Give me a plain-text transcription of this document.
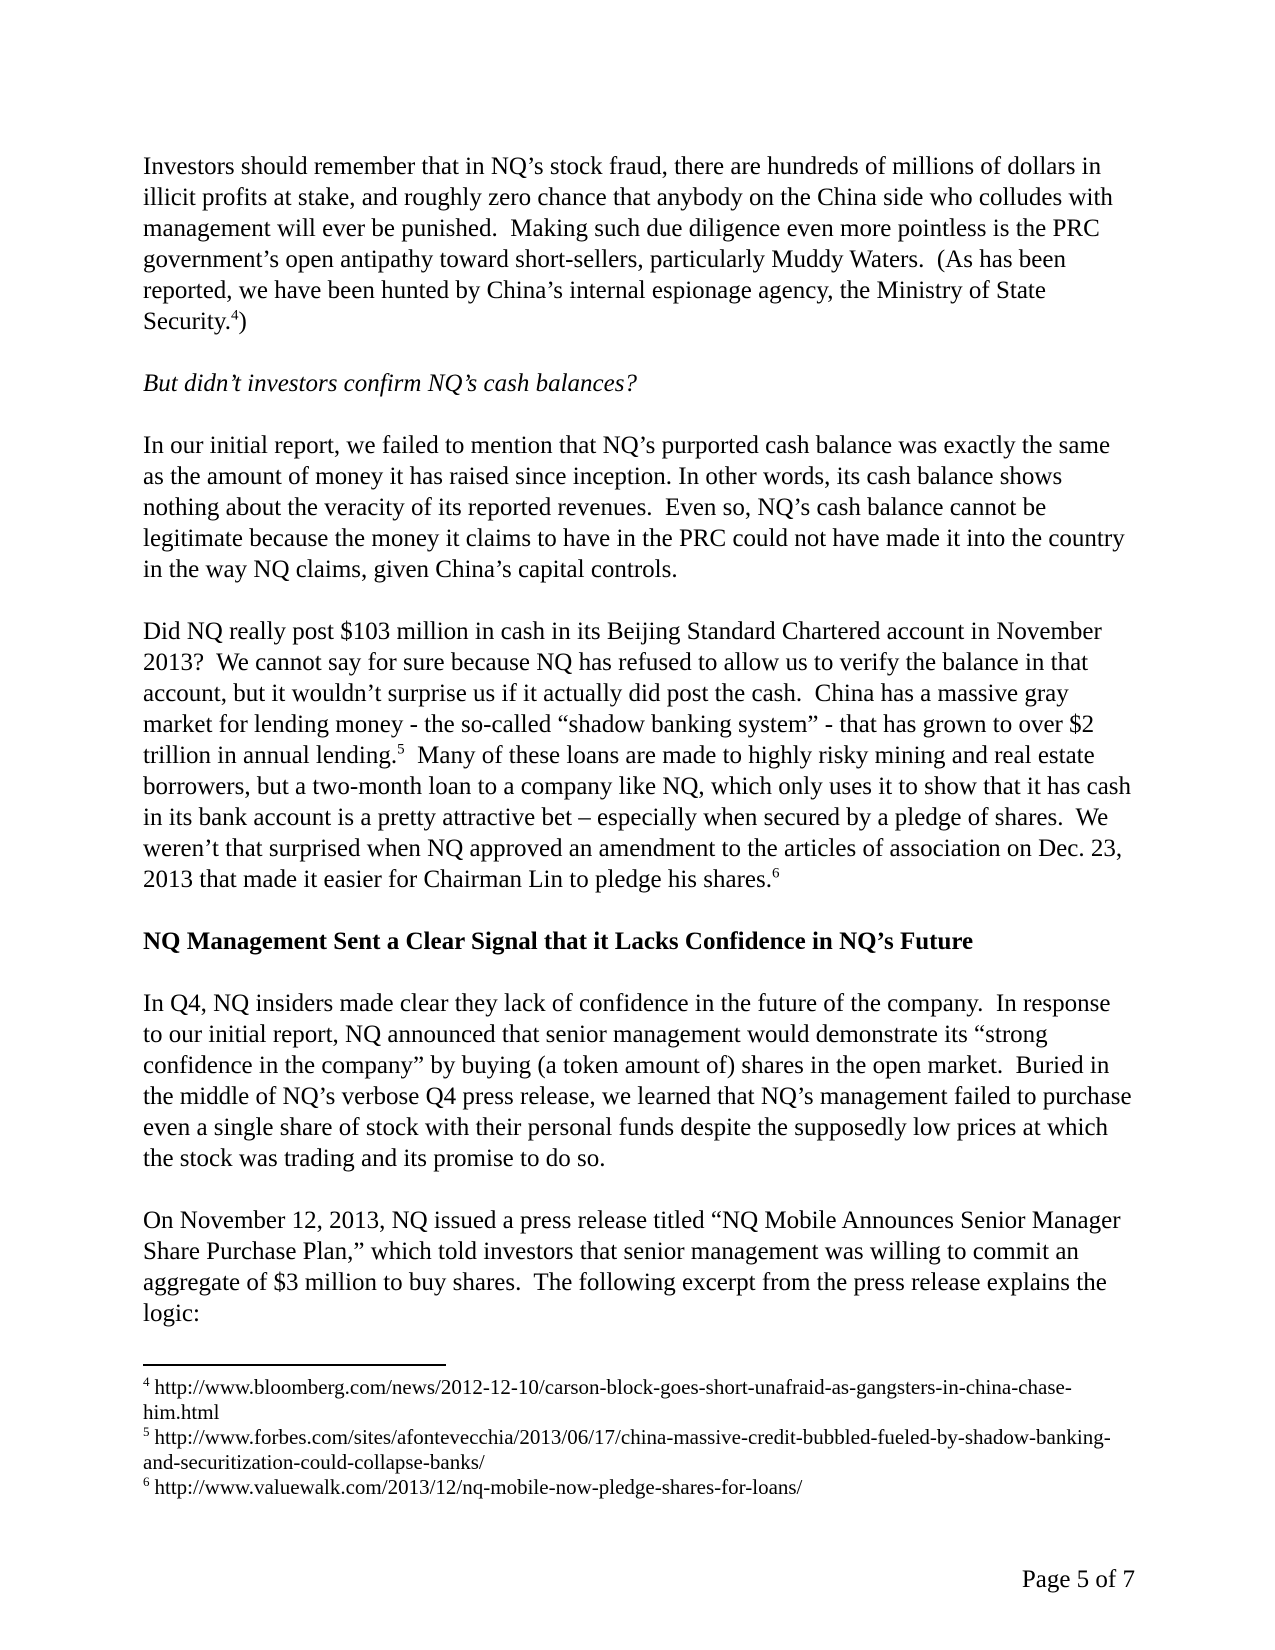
Investors should remember that in NQ’s stock fraud, there are hundreds of millions of dollars in illicit profits at stake, and roughly zero chance that anybody on the China side who colludes with management will ever be punished.  Making such due diligence even more pointless is the PRC government’s open antipathy toward short-sellers, particularly Muddy Waters.  (As has been reported, we have been hunted by China’s internal espionage agency, the Ministry of State Security.$^4$)

But didn’t investors confirm NQ’s cash balances?

In our initial report, we failed to mention that NQ’s purported cash balance was exactly the same as the amount of money it has raised since inception. In other words, its cash balance shows nothing about the veracity of its reported revenues.  Even so, NQ’s cash balance cannot be legitimate because the money it claims to have in the PRC could not have made it into the country in the way NQ claims, given China’s capital controls.

Did NQ really post $103 million in cash in its Beijing Standard Chartered account in November 2013?  We cannot say for sure because NQ has refused to allow us to verify the balance in that account, but it wouldn’t surprise us if it actually did post the cash.  China has a massive gray market for lending money - the so-called “shadow banking system” - that has grown to over $2 trillion in annual lending.$^5$  Many of these loans are made to highly risky mining and real estate borrowers, but a two-month loan to a company like NQ, which only uses it to show that it has cash in its bank account is a pretty attractive bet – especially when secured by a pledge of shares.  We weren’t that surprised when NQ approved an amendment to the articles of association on Dec. 23, 2013 that made it easier for Chairman Lin to pledge his shares.$^6$

NQ Management Sent a Clear Signal that it Lacks Confidence in NQ’s Future

In Q4, NQ insiders made clear they lack of confidence in the future of the company.  In response to our initial report, NQ announced that senior management would demonstrate its “strong confidence in the company” by buying (a token amount of) shares in the open market.  Buried in the middle of NQ’s verbose Q4 press release, we learned that NQ’s management failed to purchase even a single share of stock with their personal funds despite the supposedly low prices at which the stock was trading and its promise to do so.

On November 12, 2013, NQ issued a press release titled “NQ Mobile Announces Senior Manager Share Purchase Plan,” which told investors that senior management was willing to commit an aggregate of $3 million to buy shares.  The following excerpt from the press release explains the logic:

$^4$ http://www.bloomberg.com/news/2012-12-10/carson-block-goes-short-unafraid-as-gangsters-in-china-chase-him.html
$^5$ http://www.forbes.com/sites/afontevecchia/2013/06/17/china-massive-credit-bubbled-fueled-by-shadow-banking-and-securitization-could-collapse-banks/
$^6$ http://www.valuewalk.com/2013/12/nq-mobile-now-pledge-shares-for-loans/
Page 5 of 7
